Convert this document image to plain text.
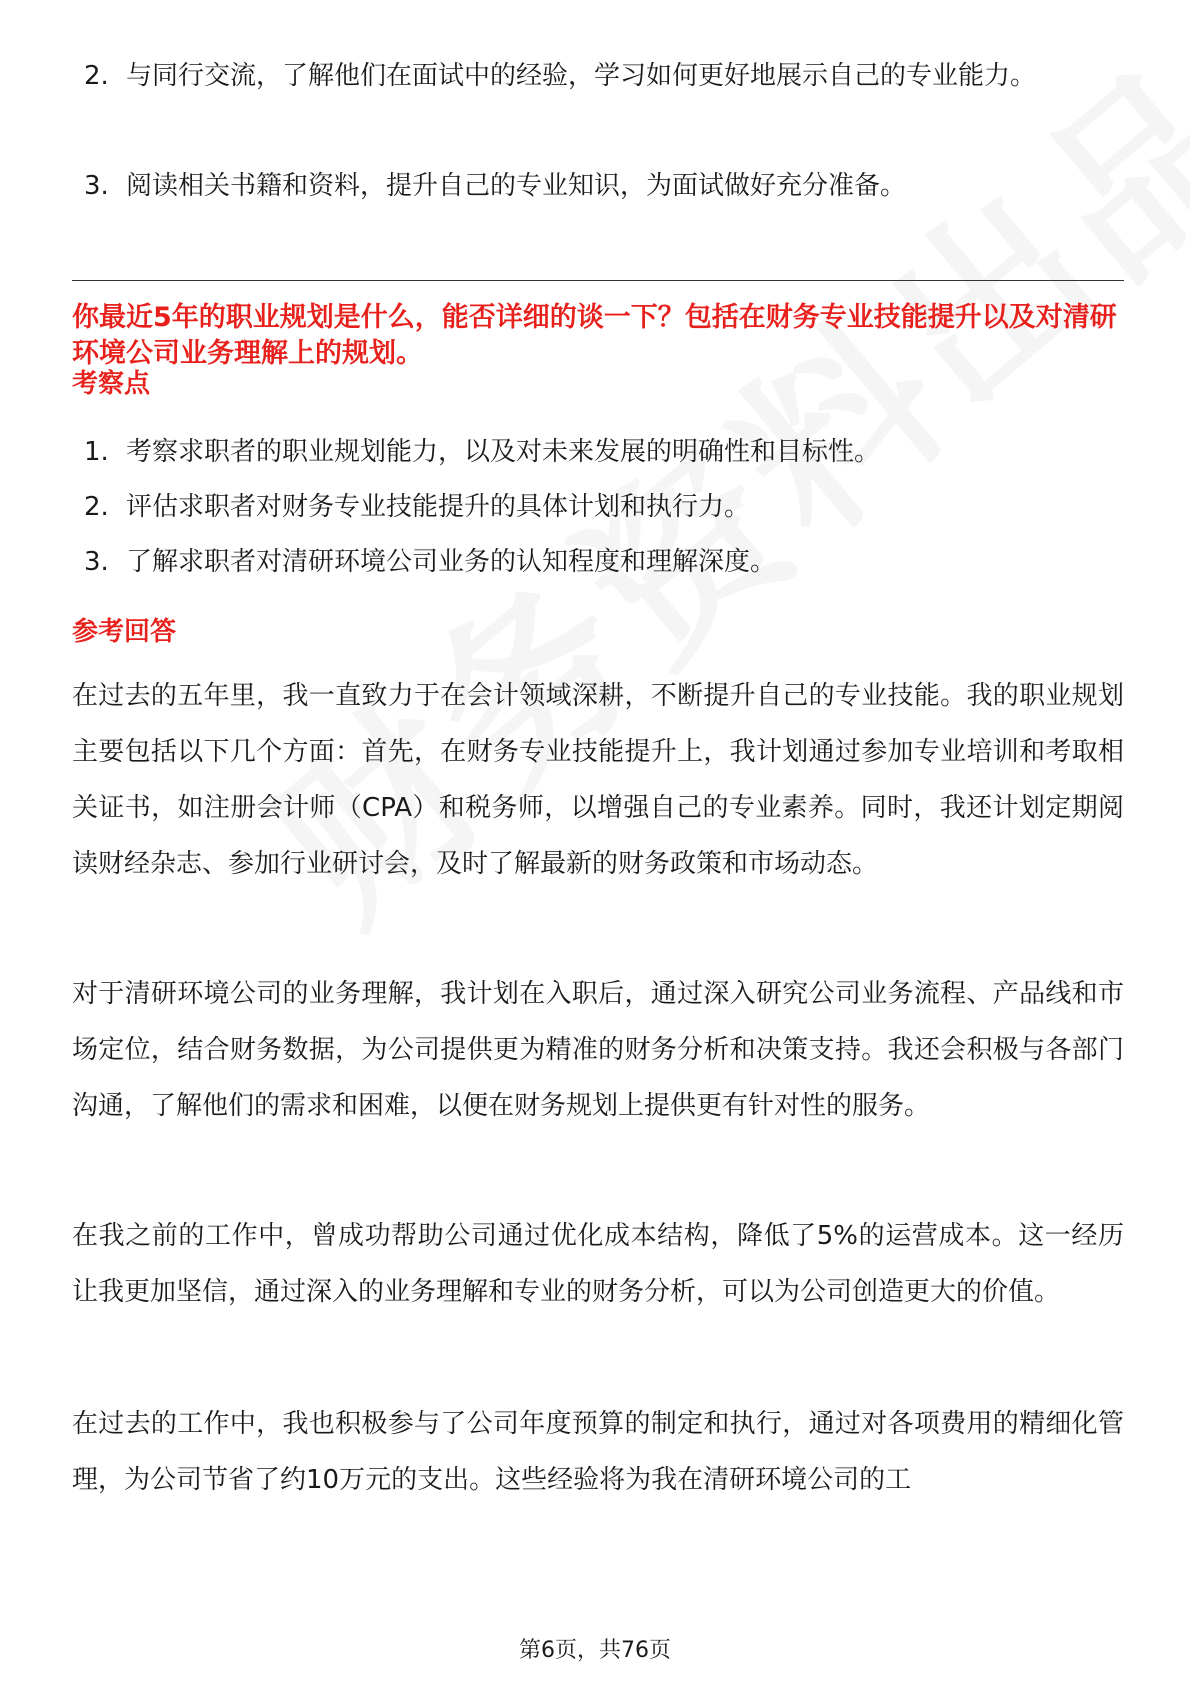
2. 与同行交流，了解他们在面试中的经验，学习如何更好地展示自己的专业能力。
3. 阅读相关书籍和资料，提升自己的专业知识，为面试做好充分准备。
你最近5年的职业规划是什么，能否详细的谈一下？包括在财务专业技能提升以及对清研环境公司业务理解上的规划。
考察点
1. 考察求职者的职业规划能力，以及对未来发展的明确性和目标性。
2. 评估求职者对财务专业技能提升的具体计划和执行力。
3. 了解求职者对清研环境公司业务的认知程度和理解深度。
参考回答
在过去的五年里，我一直致力于在会计领域深耕，不断提升自己的专业技能。我的职业规划主要包括以下几个方面：首先，在财务专业技能提升上，我计划通过参加专业培训和考取相关证书，如注册会计师（CPA）和税务师，以增强自己的专业素养。同时，我还计划定期阅读财经杂志、参加行业研讨会，及时了解最新的财务政策和市场动态。
对于清研环境公司的业务理解，我计划在入职后，通过深入研究公司业务流程、产品线和市场定位，结合财务数据，为公司提供更为精准的财务分析和决策支持。我还会积极与各部门沟通，了解他们的需求和困难，以便在财务规划上提供更有针对性的服务。
在我之前的工作中，曾成功帮助公司通过优化成本结构，降低了5%的运营成本。这一经历让我更加坚信，通过深入的业务理解和专业的财务分析，可以为公司创造更大的价值。
在过去的工作中，我也积极参与了公司年度预算的制定和执行，通过对各项费用的精细化管理，为公司节省了约10万元的支出。这些经验将为我在清研环境公司的工
第6页，共76页
